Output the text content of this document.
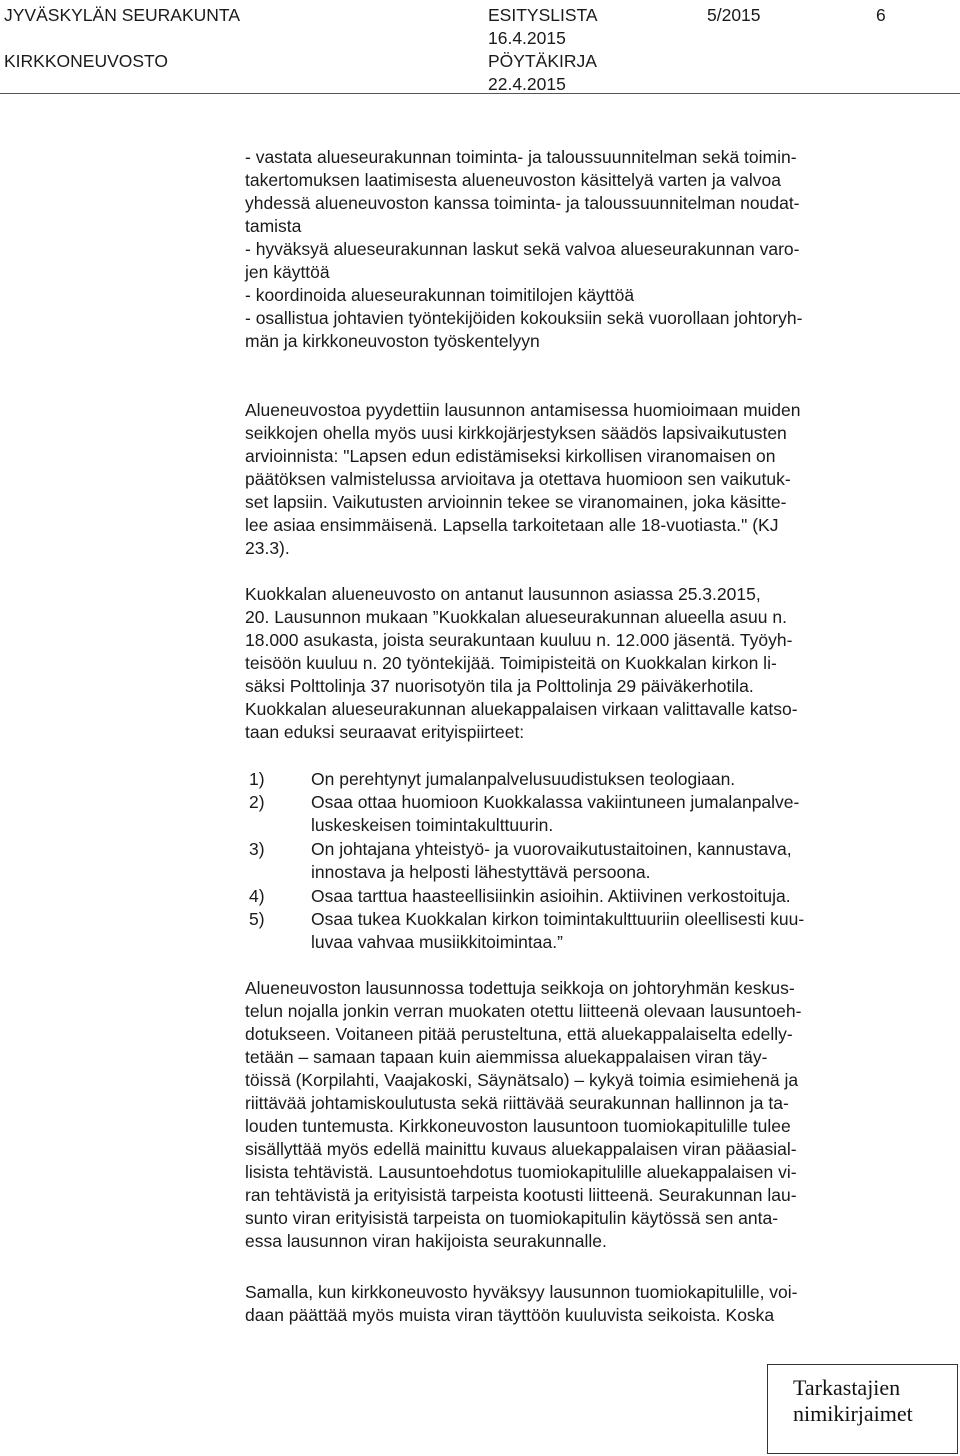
JYVÄSKYLÄN SEURAKUNTA
KIRKKONEUVOSTO
ESITYSLISTA
16.4.2015
PÖYTÄKIRJA
22.4.2015
5/2015	6
- vastata alueseurakunnan toiminta- ja taloussuunnitelman sekä toimin-
takertomuksen laatimisesta alueneuvoston käsittelyä varten ja valvoa
yhdessä alueneuvoston kanssa toiminta- ja taloussuunnitelman noudat-
tamista
- hyväksyä alueseurakunnan laskut sekä valvoa alueseurakunnan varo-
jen käyttöä
- koordinoida alueseurakunnan toimitilojen käyttöä
- osallistua johtavien työntekijöiden kokouksiin sekä vuorollaan johtoryh-
män ja kirkkoneuvoston työskentelyyn
Alueneuvostoa pyydettiin lausunnon antamisessa huomioimaan muiden
seikkojen ohella myös uusi kirkkojärjestyksen säädös lapsivaikutusten
arvioinnista: "Lapsen edun edistämiseksi kirkollisen viranomaisen on
päätöksen valmistelussa arvioitava ja otettava huomioon sen vaikutuk-
set lapsiin. Vaikutusten arvioinnin tekee se viranomainen, joka käsitte-
lee asiaa ensimmäisenä. Lapsella tarkoitetaan alle 18-vuotiasta." (KJ
23.3).
Kuokkalan alueneuvosto on antanut lausunnon asiassa 25.3.2015,
20. Lausunnon mukaan ”Kuokkalan alueseurakunnan alueella asuu n.
18.000 asukasta, joista seurakuntaan kuuluu n. 12.000 jäsentä. Työyh-
teisöön kuuluu n. 20 työntekijää. Toimipisteitä on Kuokkalan kirkon li-
säksi Polttolinja 37 nuorisotyön tila ja Polttolinja 29 päiväkerhotila.
Kuokkalan alueseurakunnan aluekappalaisen virkaan valittavalle katso-
taan eduksi seuraavat erityispiirteet:
1)	On perehtynyt jumalanpalvelusuudistuksen teologiaan.
2)	Osaa ottaa huomioon Kuokkalassa vakiintuneen jumalanpalve-
luskeskeisen toimintakulttuurin.
3)	On johtajana yhteistyö- ja vuorovaikutustaitoinen, kannustava,
innostava ja helposti lähestyttävä persoona.
4)	Osaa tarttua haasteellisiinkin asioihin. Aktiivinen verkostoituja.
5)	Osaa tukea Kuokkalan kirkon toimintakulttuuriin oleellisesti kuu-
luvaa vahvaa musiikkitoimintaa.”
Alueneuvoston lausunnossa todettuja seikkoja on johtoryhmän keskus-
telun nojalla jonkin verran muokaten otettu liitteenä olevaan lausuntoeh-
dotukseen. Voitaneen pitää perusteltuna, että aluekappalaiselta edelly-
tetään – samaan tapaan kuin aiemmissa aluekappalaisen viran täy-
töissä (Korpilahti, Vaajakoski, Säynätsalo) – kykyä toimia esimiehenä ja
riittävää johtamiskoulutusta sekä riittävää seurakunnan hallinnon ja ta-
louden tuntemusta. Kirkkoneuvoston lausuntoon tuomiokapitulille tulee
sisällyttää myös edellä mainittu kuvaus aluekappalaisen viran pääasial-
lisista tehtävistä. Lausuntoehdotus tuomiokapitulille aluekappalaisen vi-
ran tehtävistä ja erityisistä tarpeista kootusti liitteenä. Seurakunnan lau-
sunto viran erityisistä tarpeista on tuomiokapitulin käytössä sen anta-
essa lausunnon viran hakijoista seurakunnalle.
Samalla, kun kirkkoneuvosto hyväksyy lausunnon tuomiokapitulille, voi-
daan päättää myös muista viran täyttöön kuuluvista seikoista. Koska
Tarkastajien
nimikirjaimet
